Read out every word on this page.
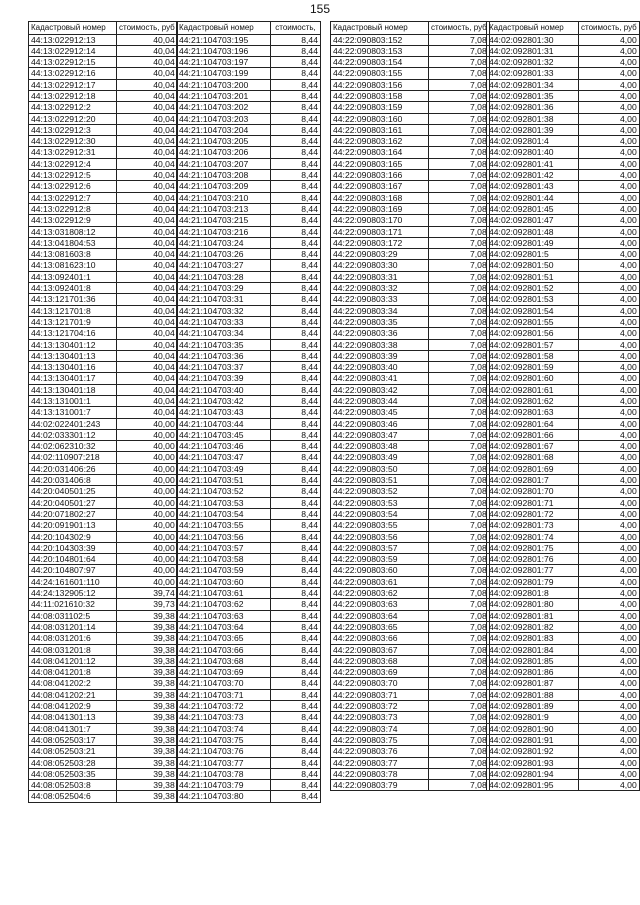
155
Кадастровый номер	стоимость, руб
44:13:022912:13	40,04
44:13:022912:14	40,04
44:13:022912:15	40,04
44:13:022912:16	40,04
44:13:022912:17	40,04
44:13:022912:18	40,04
44:13:022912:2	40,04
44:13:022912:20	40,04
44:13:022912:3	40,04
44:13:022912:30	40,04
44:13:022912:31	40,04
44:13:022912:4	40,04
44:13:022912:5	40,04
44:13:022912:6	40,04
44:13:022912:7	40,04
44:13:022912:8	40,04
44:13:022912:9	40,04
44:13:031808:12	40,04
44:13:041804:53	40,04
44:13:081603:8	40,04
44:13:081623:10	40,04
44:13:092401:1	40,04
44:13:092401:8	40,04
44:13:121701:36	40,04
44:13:121701:8	40,04
44:13:121701:9	40,04
44:13:121704:16	40,04
44:13:130401:12	40,04
44:13:130401:13	40,04
44:13:130401:16	40,04
44:13:130401:17	40,04
44:13:130401:18	40,04
44:13:131001:1	40,04
44:13:131001:7	40,04
44:02:022401:243	40,00
44:02:033301:12	40,00
44:02:062310:32	40,00
44:02:110907:218	40,00
44:20:031406:26	40,00
44:20:031406:8	40,00
44:20:040501:25	40,00
44:20:040501:27	40,00
44:20:071802:27	40,00
44:20:091901:13	40,00
44:20:104302:9	40,00
44:20:104303:39	40,00
44:20:104801:64	40,00
44:20:104807:97	40,00
44:24:161601:110	40,00
44:24:132905:12	39,74
44:11:021610:32	39,73
44:08:031102:5	39,38
44:08:031201:14	39,38
44:08:031201:6	39,38
44:08:031201:8	39,38
44:08:041201:12	39,38
44:08:041201:8	39,38
44:08:041202:2	39,38
44:08:041202:21	39,38
44:08:041202:9	39,38
44:08:041301:13	39,38
44:08:041301:7	39,38
44:08:052503:17	39,38
44:08:052503:21	39,38
44:08:052503:28	39,38
44:08:052503:35	39,38
44:08:052503:8	39,38
44:08:052504:6	39,38
Кадастровый номер	стоимость,
44:21:104703:195	8,44
44:21:104703:196	8,44
44:21:104703:197	8,44
44:21:104703:199	8,44
44:21:104703:200	8,44
44:21:104703:201	8,44
44:21:104703:202	8,44
44:21:104703:203	8,44
44:21:104703:204	8,44
44:21:104703:205	8,44
44:21:104703:206	8,44
44:21:104703:207	8,44
44:21:104703:208	8,44
44:21:104703:209	8,44
44:21:104703:210	8,44
44:21:104703:213	8,44
44:21:104703:215	8,44
44:21:104703:216	8,44
44:21:104703:24	8,44
44:21:104703:26	8,44
44:21:104703:27	8,44
44:21:104703:28	8,44
44:21:104703:29	8,44
44:21:104703:31	8,44
44:21:104703:32	8,44
44:21:104703:33	8,44
44:21:104703:34	8,44
44:21:104703:35	8,44
44:21:104703:36	8,44
44:21:104703:37	8,44
44:21:104703:39	8,44
44:21:104703:40	8,44
44:21:104703:42	8,44
44:21:104703:43	8,44
44:21:104703:44	8,44
44:21:104703:45	8,44
44:21:104703:46	8,44
44:21:104703:47	8,44
44:21:104703:49	8,44
44:21:104703:51	8,44
44:21:104703:52	8,44
44:21:104703:53	8,44
44:21:104703:54	8,44
44:21:104703:55	8,44
44:21:104703:56	8,44
44:21:104703:57	8,44
44:21:104703:58	8,44
44:21:104703:59	8,44
44:21:104703:60	8,44
44:21:104703:61	8,44
44:21:104703:62	8,44
44:21:104703:63	8,44
44:21:104703:64	8,44
44:21:104703:65	8,44
44:21:104703:66	8,44
44:21:104703:68	8,44
44:21:104703:69	8,44
44:21:104703:70	8,44
44:21:104703:71	8,44
44:21:104703:72	8,44
44:21:104703:73	8,44
44:21:104703:74	8,44
44:21:104703:75	8,44
44:21:104703:76	8,44
44:21:104703:77	8,44
44:21:104703:78	8,44
44:21:104703:79	8,44
44:21:104703:80	8,44
Кадастровый номер	стоимость, руб
44:22:090803:152	7,08
44:22:090803:153	7,08
44:22:090803:154	7,08
44:22:090803:155	7,08
44:22:090803:156	7,08
44:22:090803:158	7,08
44:22:090803:159	7,08
44:22:090803:160	7,08
44:22:090803:161	7,08
44:22:090803:162	7,08
44:22:090803:164	7,08
44:22:090803:165	7,08
44:22:090803:166	7,08
44:22:090803:167	7,08
44:22:090803:168	7,08
44:22:090803:169	7,08
44:22:090803:170	7,08
44:22:090803:171	7,08
44:22:090803:172	7,08
44:22:090803:29	7,08
44:22:090803:30	7,08
44:22:090803:31	7,08
44:22:090803:32	7,08
44:22:090803:33	7,08
44:22:090803:34	7,08
44:22:090803:35	7,08
44:22:090803:36	7,08
44:22:090803:38	7,08
44:22:090803:39	7,08
44:22:090803:40	7,08
44:22:090803:41	7,08
44:22:090803:42	7,08
44:22:090803:44	7,08
44:22:090803:45	7,08
44:22:090803:46	7,08
44:22:090803:47	7,08
44:22:090803:48	7,08
44:22:090803:49	7,08
44:22:090803:50	7,08
44:22:090803:51	7,08
44:22:090803:52	7,08
44:22:090803:53	7,08
44:22:090803:54	7,08
44:22:090803:55	7,08
44:22:090803:56	7,08
44:22:090803:57	7,08
44:22:090803:59	7,08
44:22:090803:60	7,08
44:22:090803:61	7,08
44:22:090803:62	7,08
44:22:090803:63	7,08
44:22:090803:64	7,08
44:22:090803:65	7,08
44:22:090803:66	7,08
44:22:090803:67	7,08
44:22:090803:68	7,08
44:22:090803:69	7,08
44:22:090803:70	7,08
44:22:090803:71	7,08
44:22:090803:72	7,08
44:22:090803:73	7,08
44:22:090803:74	7,08
44:22:090803:75	7,08
44:22:090803:76	7,08
44:22:090803:77	7,08
44:22:090803:78	7,08
44:22:090803:79	7,08
Кадастровый номер	стоимость, руб
44:02:092801:30	4,00
44:02:092801:31	4,00
44:02:092801:32	4,00
44:02:092801:33	4,00
44:02:092801:34	4,00
44:02:092801:35	4,00
44:02:092801:36	4,00
44:02:092801:38	4,00
44:02:092801:39	4,00
44:02:092801:4	4,00
44:02:092801:40	4,00
44:02:092801:41	4,00
44:02:092801:42	4,00
44:02:092801:43	4,00
44:02:092801:44	4,00
44:02:092801:45	4,00
44:02:092801:47	4,00
44:02:092801:48	4,00
44:02:092801:49	4,00
44:02:092801:5	4,00
44:02:092801:50	4,00
44:02:092801:51	4,00
44:02:092801:52	4,00
44:02:092801:53	4,00
44:02:092801:54	4,00
44:02:092801:55	4,00
44:02:092801:56	4,00
44:02:092801:57	4,00
44:02:092801:58	4,00
44:02:092801:59	4,00
44:02:092801:60	4,00
44:02:092801:61	4,00
44:02:092801:62	4,00
44:02:092801:63	4,00
44:02:092801:64	4,00
44:02:092801:66	4,00
44:02:092801:67	4,00
44:02:092801:68	4,00
44:02:092801:69	4,00
44:02:092801:7	4,00
44:02:092801:70	4,00
44:02:092801:71	4,00
44:02:092801:72	4,00
44:02:092801:73	4,00
44:02:092801:74	4,00
44:02:092801:75	4,00
44:02:092801:76	4,00
44:02:092801:77	4,00
44:02:092801:79	4,00
44:02:092801:8	4,00
44:02:092801:80	4,00
44:02:092801:81	4,00
44:02:092801:82	4,00
44:02:092801:83	4,00
44:02:092801:84	4,00
44:02:092801:85	4,00
44:02:092801:86	4,00
44:02:092801:87	4,00
44:02:092801:88	4,00
44:02:092801:89	4,00
44:02:092801:9	4,00
44:02:092801:90	4,00
44:02:092801:91	4,00
44:02:092801:92	4,00
44:02:092801:93	4,00
44:02:092801:94	4,00
44:02:092801:95	4,00
